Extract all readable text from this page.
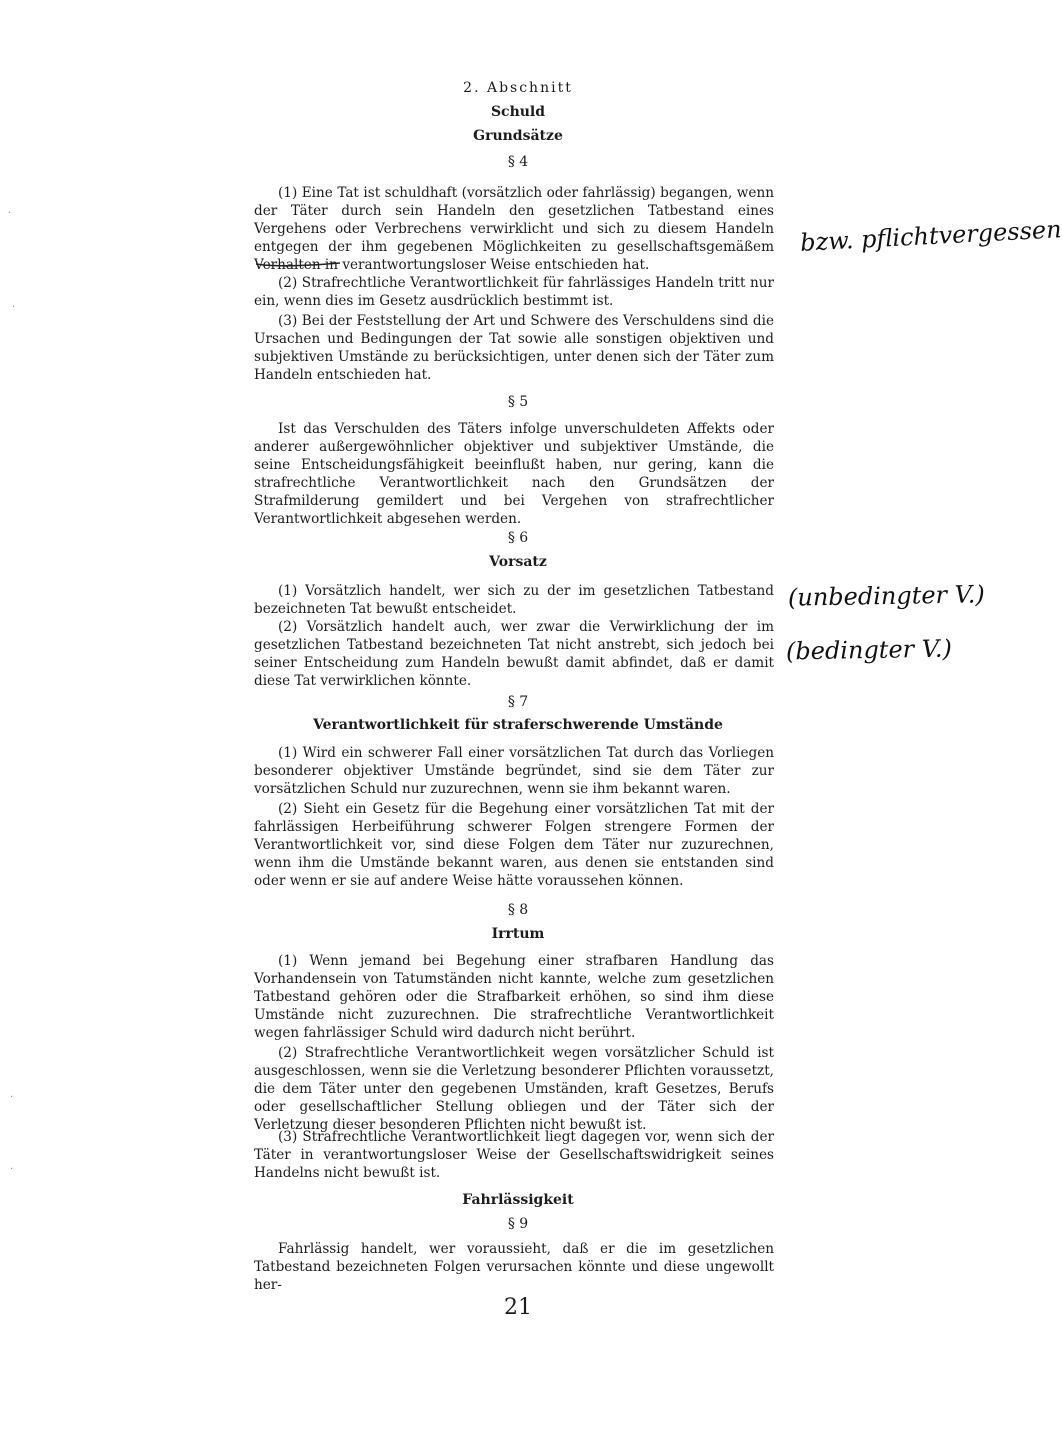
2. Abschnitt
Schuld
Grundsätze
§ 4

(1) Eine Tat ist schuldhaft (vorsätzlich oder fahrlässig) begangen, wenn der Täter durch sein Handeln den gesetzlichen Tatbestand eines Vergehens oder Verbrechens verwirklicht und sich zu diesem Handeln entgegen der ihm gegebenen Möglichkeiten zu gesellschaftsgemäßem Verhalten in verantwortungsloser Weise entschieden hat.

(2) Strafrechtliche Verantwortlichkeit für fahrlässiges Handeln tritt nur ein, wenn dies im Gesetz ausdrücklich bestimmt ist.

(3) Bei der Feststellung der Art und Schwere des Verschuldens sind die Ursachen und Bedingungen der Tat sowie alle sonstigen objektiven und subjektiven Umstände zu berücksichtigen, unter denen sich der Täter zum Handeln entschieden hat.

§ 5

Ist das Verschulden des Täters infolge unverschuldeten Affekts oder anderer außergewöhnlicher objektiver und subjektiver Umstände, die seine Entscheidungsfähigkeit beeinflußt haben, nur gering, kann die strafrechtliche Verantwortlichkeit nach den Grundsätzen der Strafmilderung gemildert und bei Vergehen von strafrechtlicher Verantwortlichkeit abgesehen werden.

§ 6
Vorsatz

(1) Vorsätzlich handelt, wer sich zu der im gesetzlichen Tatbestand bezeichneten Tat bewußt entscheidet.

(2) Vorsätzlich handelt auch, wer zwar die Verwirklichung der im gesetzlichen Tatbestand bezeichneten Tat nicht anstrebt, sich jedoch bei seiner Entscheidung zum Handeln bewußt damit abfindet, daß er damit diese Tat verwirklichen könnte.

§ 7
Verantwortlichkeit für straferschwerende Umstände

(1) Wird ein schwerer Fall einer vorsätzlichen Tat durch das Vorliegen besonderer objektiver Umstände begründet, sind sie dem Täter zur vorsätzlichen Schuld nur zuzurechnen, wenn sie ihm bekannt waren.

(2) Sieht ein Gesetz für die Begehung einer vorsätzlichen Tat mit der fahrlässigen Herbeiführung schwerer Folgen strengere Formen der Verantwortlichkeit vor, sind diese Folgen dem Täter nur zuzurechnen, wenn ihm die Umstände bekannt waren, aus denen sie entstanden sind oder wenn er sie auf andere Weise hätte voraussehen können.

§ 8
Irrtum

(1) Wenn jemand bei Begehung einer strafbaren Handlung das Vorhandensein von Tatumständen nicht kannte, welche zum gesetzlichen Tatbestand gehören oder die Strafbarkeit erhöhen, so sind ihm diese Umstände nicht zuzurechnen. Die strafrechtliche Verantwortlichkeit wegen fahrlässiger Schuld wird dadurch nicht berührt.

(2) Strafrechtliche Verantwortlichkeit wegen vorsätzlicher Schuld ist ausgeschlossen, wenn sie die Verletzung besonderer Pflichten voraussetzt, die dem Täter unter den gegebenen Umständen, kraft Gesetzes, Berufs oder gesellschaftlicher Stellung obliegen und der Täter sich der Verletzung dieser besonderen Pflichten nicht bewußt ist.

(3) Strafrechtliche Verantwortlichkeit liegt dagegen vor, wenn sich der Täter in verantwortungsloser Weise der Gesellschaftswidrigkeit seines Handelns nicht bewußt ist.

Fahrlässigkeit
§ 9

Fahrlässig handelt, wer voraussieht, daß er die im gesetzlichen Tatbestand bezeichneten Folgen verursachen könnte und diese ungewollt her-

21
bzw. pflichtvergessen
(unbedingter V.)
(bedingter V.)
·
·
·
·
